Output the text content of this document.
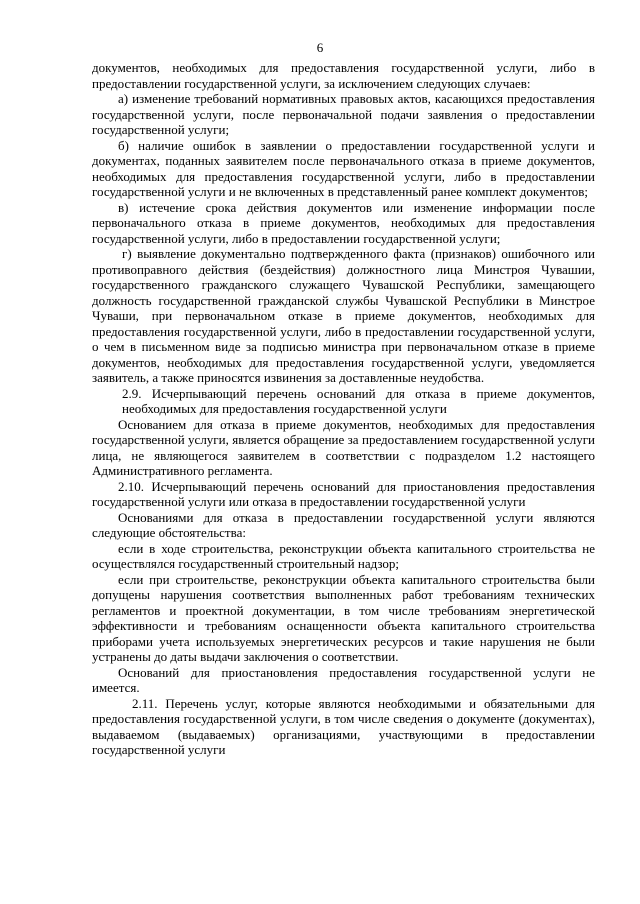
6

документов, необходимых для предоставления государственной услуги, либо в предоставлении государственной услуги, за исключением следующих случаев:

а) изменение требований нормативных правовых актов, касающихся предоставления государственной услуги, после первоначальной подачи заявления о предоставлении государственной услуги;

б) наличие ошибок в заявлении о предоставлении государственной услуги и документах, поданных заявителем после первоначального отказа в приеме документов, необходимых для предоставления государственной услуги, либо в предоставлении государственной услуги и не включенных в представленный ранее комплект документов;

в) истечение срока действия документов или изменение информации после первоначального отказа в приеме документов, необходимых для предоставления государственной услуги, либо в предоставлении государственной услуги;

г) выявление документально подтвержденного факта (признаков) ошибочного или противоправного действия (бездействия) должностного лица Минстроя Чувашии, государственного гражданского служащего Чувашской Республики, замещающего должность государственной гражданской службы Чувашской Республики в Минстрое Чуваши, при первоначальном отказе в приеме документов, необходимых для предоставления государственной услуги, либо в предоставлении государственной услуги, о чем в письменном виде за подписью министра при первоначальном отказе в приеме документов, необходимых для предоставления государственной услуги, уведомляется заявитель, а также приносятся извинения за доставленные неудобства.

2.9. Исчерпывающий перечень оснований для отказа в приеме документов, необходимых для предоставления государственной услуги

Основанием для отказа в приеме документов, необходимых для предоставления государственной услуги, является обращение за предоставлением государственной услуги лица, не являющегося заявителем в соответствии с подразделом 1.2 настоящего Административного регламента.

2.10. Исчерпывающий перечень оснований для приостановления предоставления государственной услуги или отказа в предоставлении государственной услуги

Основаниями для отказа в предоставлении государственной услуги являются следующие обстоятельства:

если в ходе строительства, реконструкции объекта капитального строительства не осуществлялся государственный строительный надзор;

если при строительстве, реконструкции объекта капитального строительства были допущены нарушения соответствия выполненных работ требованиям технических регламентов и проектной документации, в том числе требованиям энергетической эффективности и требованиям оснащенности объекта капитального строительства приборами учета используемых энергетических ресурсов и такие нарушения не были устранены до даты выдачи заключения о соответствии.

Оснований для приостановления предоставления государственной услуги не имеется.

2.11. Перечень услуг, которые являются необходимыми и обязательными для предоставления государственной услуги, в том числе сведения о документе (документах), выдаваемом (выдаваемых) организациями, участвующими в предоставлении государственной услуги
